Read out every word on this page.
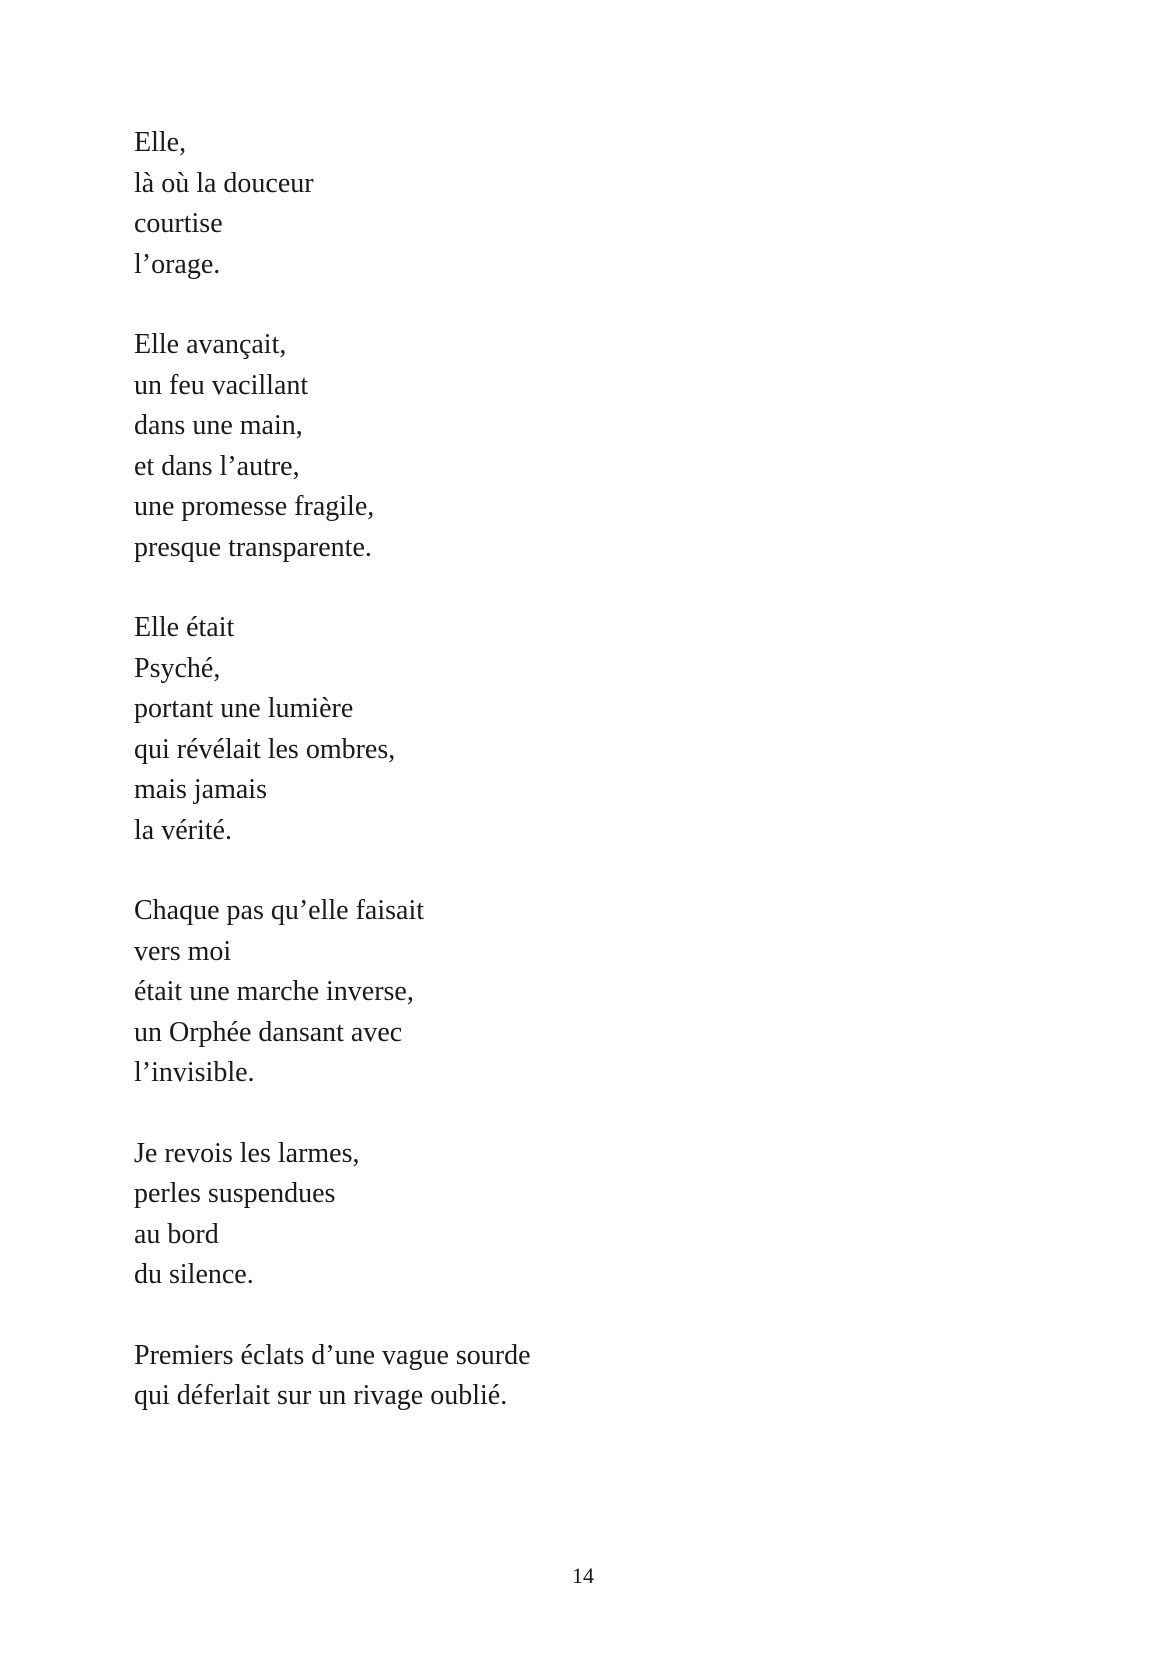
Elle,
là où la douceur
courtise
l’orage.
Elle avançait,
un feu vacillant
dans une main,
et dans l’autre,
une promesse fragile,
presque transparente.
Elle était
Psyché,
portant une lumière
qui révélait les ombres,
mais jamais
la vérité.
Chaque pas qu’elle faisait
vers moi
était une marche inverse,
un Orphée dansant avec
l’invisible.
Je revois les larmes,
perles suspendues
au bord
du silence.
Premiers éclats d’une vague sourde
qui déferlait sur un rivage oublié.
14
